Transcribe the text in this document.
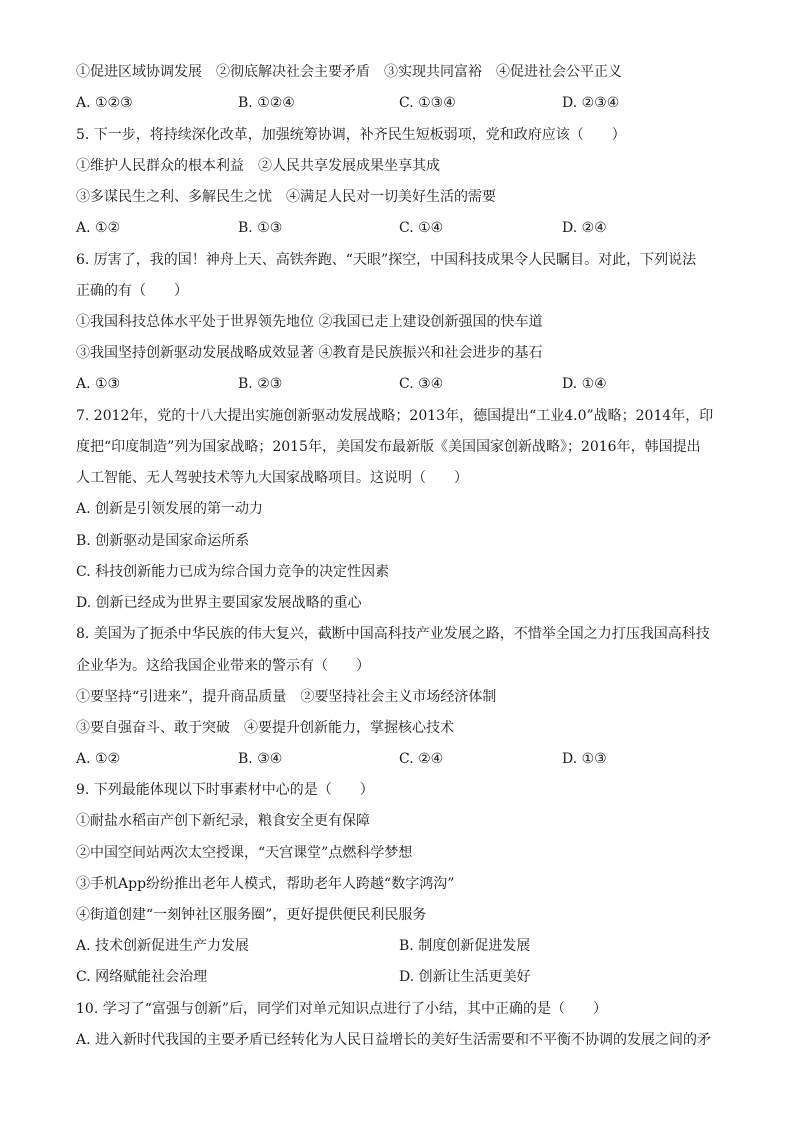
①促进区域协调发展　②彻底解决社会主要矛盾　③实现共同富裕　④促进社会公平正义
A. ①②③	B. ①②④	C. ①③④	D. ②③④
5. 下一步，将持续深化改革，加强统筹协调，补齐民生短板弱项，党和政府应该（　　）
①维护人民群众的根本利益　②人民共享发展成果坐享其成
③多谋民生之利、多解民生之忧　④满足人民对一切美好生活的需要
A. ①②	B. ①③	C. ①④	D. ②④
6. 厉害了，我的国！神舟上天、高铁奔跑、“天眼”探空，中国科技成果令人民瞩目。对此，下列说法
正确的有（　　）
①我国科技总体水平处于世界领先地位 ②我国已走上建设创新强国的快车道
③我国坚持创新驱动发展战略成效显著 ④教育是民族振兴和社会进步的基石
A. ①③	B. ②③	C. ③④	D. ①④
7. 2012年，党的十八大提出实施创新驱动发展战略；2013年，德国提出“工业4.0”战略；2014年，印
度把“印度制造”列为国家战略；2015年，美国发布最新版《美国国家创新战略》；2016年，韩国提出
人工智能、无人驾驶技术等九大国家战略项目。这说明（　　）
A. 创新是引领发展的第一动力
B. 创新驱动是国家命运所系
C. 科技创新能力已成为综合国力竞争的决定性因素
D. 创新已经成为世界主要国家发展战略的重心
8. 美国为了扼杀中华民族的伟大复兴，截断中国高科技产业发展之路，不惜举全国之力打压我国高科技
企业华为。这给我国企业带来的警示有（　　）
①要坚持“引进来”，提升商品质量　②要坚持社会主义市场经济体制
③要自强奋斗、敢于突破　④要提升创新能力，掌握核心技术
A. ①②	B. ③④	C. ②④	D. ①③
9. 下列最能体现以下时事素材中心的是（　　）
①耐盐水稻亩产创下新纪录，粮食安全更有保障
②中国空间站两次太空授课，“天宫课堂”点燃科学梦想
③手机App纷纷推出老年人模式，帮助老年人跨越“数字鸿沟”
④街道创建“一刻钟社区服务圈”，更好提供便民利民服务
A. 技术创新促进生产力发展	B. 制度创新促进发展
C. 网络赋能社会治理	D. 创新让生活更美好
10. 学习了“富强与创新”后，同学们对单元知识点进行了小结，其中正确的是（　　）
A. 进入新时代我国的主要矛盾已经转化为人民日益增长的美好生活需要和不平衡不协调的发展之间的矛
